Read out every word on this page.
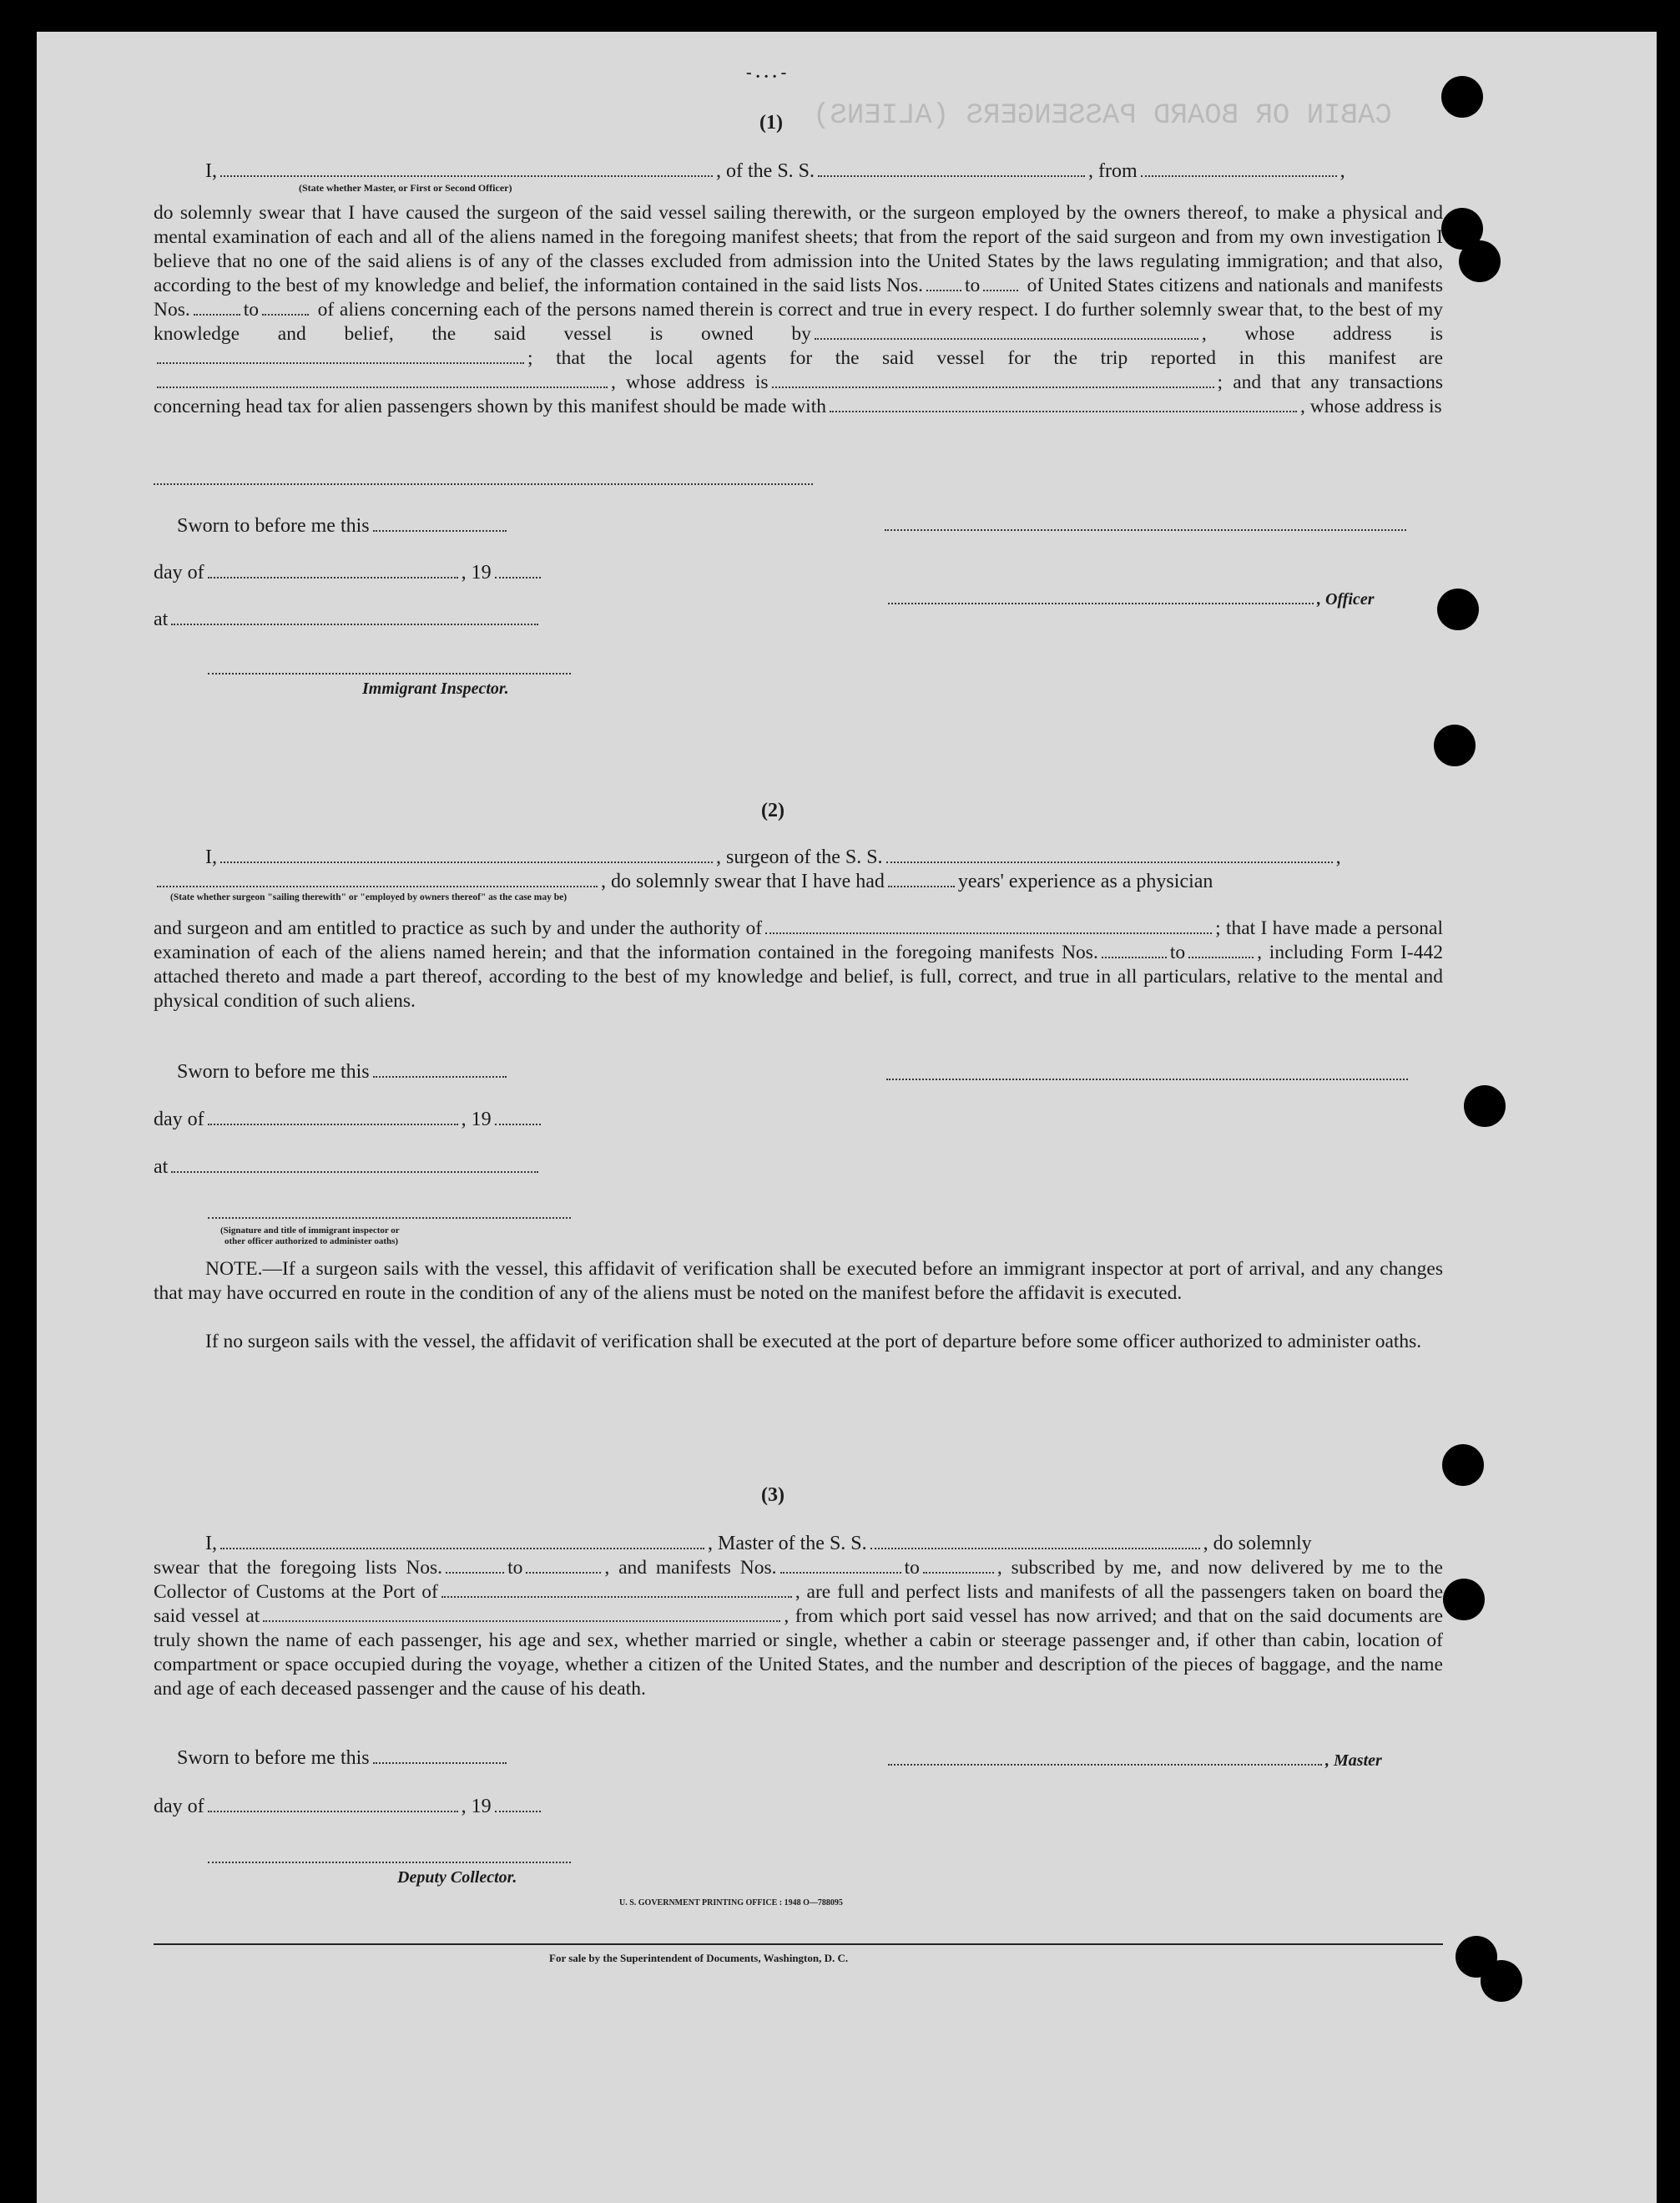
CABIN OR BOARD PASSENGERS (ALIENS)
- . . . -
(1)
I,	, of the S. S.	, from	,
(State whether Master, or First or Second Officer)
do solemnly swear that I have caused the surgeon of the said vessel sailing therewith, or the surgeon employed by the owners thereof, to make a physical and mental examination of each and all of the aliens named in the foregoing manifest sheets; that from the report of the said surgeon and from my own investigation I believe that no one of the said aliens is of any of the classes excluded from admission into the United States by the laws regulating immigration; and that also, according to the best of my knowledge and belief, the information contained in the said lists Nos. to of United States citizens and nationals and manifests Nos.	to	of aliens concerning each of the persons named therein is correct and true in every respect. I do further solemnly swear that, to the best of my knowledge and belief, the said vessel is owned by	, whose address is; that the local agents for the said vessel for the trip reported in this manifest are, whose address is	; and that any transactions concerning head tax for alien passengers shown by this manifest should be made with	, whose address is
Sworn to before me this
day of	, 19
, Officer
at
Immigrant Inspector.
(2)
I,	, surgeon of the S. S.	,
, do solemnly swear that I have had	years' experience as a physician
(State whether surgeon "sailing therewith" or "employed by owners thereof" as the case may be)
and surgeon and am entitled to practice as such by and under the authority of	; that I have made a personal examination of each of the aliens named herein; and that the information contained in the foregoing manifests Nos.	to	, including Form I-442 attached thereto and made a part thereof, according to the best of my knowledge and belief, is full, correct, and true in all particulars, relative to the mental and physical condition of such aliens.
Sworn to before me this
day of	, 19
at
(Signature and title of immigrant inspector or
other officer authorized to administer oaths)
NOTE.—If a surgeon sails with the vessel, this affidavit of verification shall be executed before an immigrant inspector at port of arrival, and any changes that may have occurred en route in the condition of any of the aliens must be noted on the manifest before the affidavit is executed.
If no surgeon sails with the vessel, the affidavit of verification shall be executed at the port of departure before some officer authorized to administer oaths.
(3)
I,	, Master of the S. S.	, do solemnly
swear that the foregoing lists Nos.	to	, and manifests Nos.	to	, subscribed by me, and now delivered by me to the Collector of Customs at the Port of	, are full and perfect lists and manifests of all the passengers taken on board the said vessel at	, from which port said vessel has now arrived; and that on the said documents are truly shown the name of each passenger, his age and sex, whether married or single, whether a cabin or steerage passenger and, if other than cabin, location of compartment or space occupied during the voyage, whether a citizen of the United States, and the number and description of the pieces of baggage, and the name and age of each deceased passenger and the cause of his death.
Sworn to before me this	, Master
day of	, 19
Deputy Collector.
U. S. GOVERNMENT PRINTING OFFICE : 1948 O—788095
For sale by the Superintendent of Documents, Washington, D. C.
